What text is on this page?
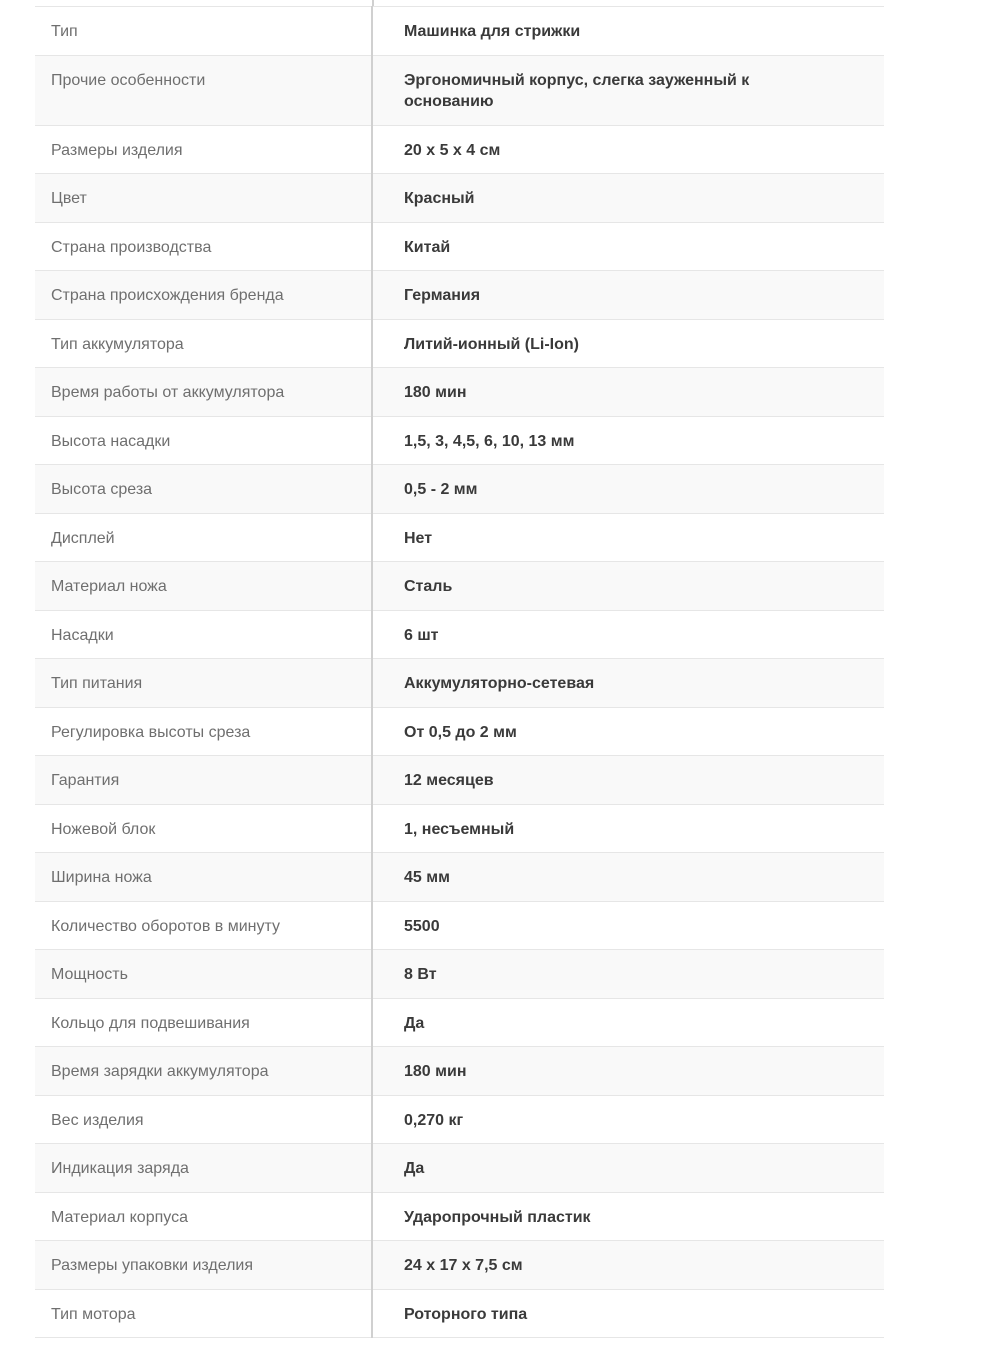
Тип	Машинка для стрижки
Прочие особенности	Эргономичный корпус, слегка зауженный к основанию
Размеры изделия	20 х 5 х 4 см
Цвет	Красный
Страна производства	Китай
Страна происхождения бренда	Германия
Тип аккумулятора	Литий-ионный (Li-Ion)
Время работы от аккумулятора	180 мин
Высота насадки	1,5, 3, 4,5, 6, 10, 13 мм
Высота среза	0,5 - 2 мм
Дисплей	Нет
Материал ножа	Сталь
Насадки	6 шт
Тип питания	Аккумуляторно-сетевая
Регулировка высоты среза	От 0,5 до 2 мм
Гарантия	12 месяцев
Ножевой блок	1, несъемный
Ширина ножа	45 мм
Количество оборотов в минуту	5500
Мощность	8 Вт
Кольцо для подвешивания	Да
Время зарядки аккумулятора	180 мин
Вес изделия	0,270 кг
Индикация заряда	Да
Материал корпуса	Ударопрочный пластик
Размеры упаковки изделия	24 х 17 х 7,5 см
Тип мотора	Роторного типа
